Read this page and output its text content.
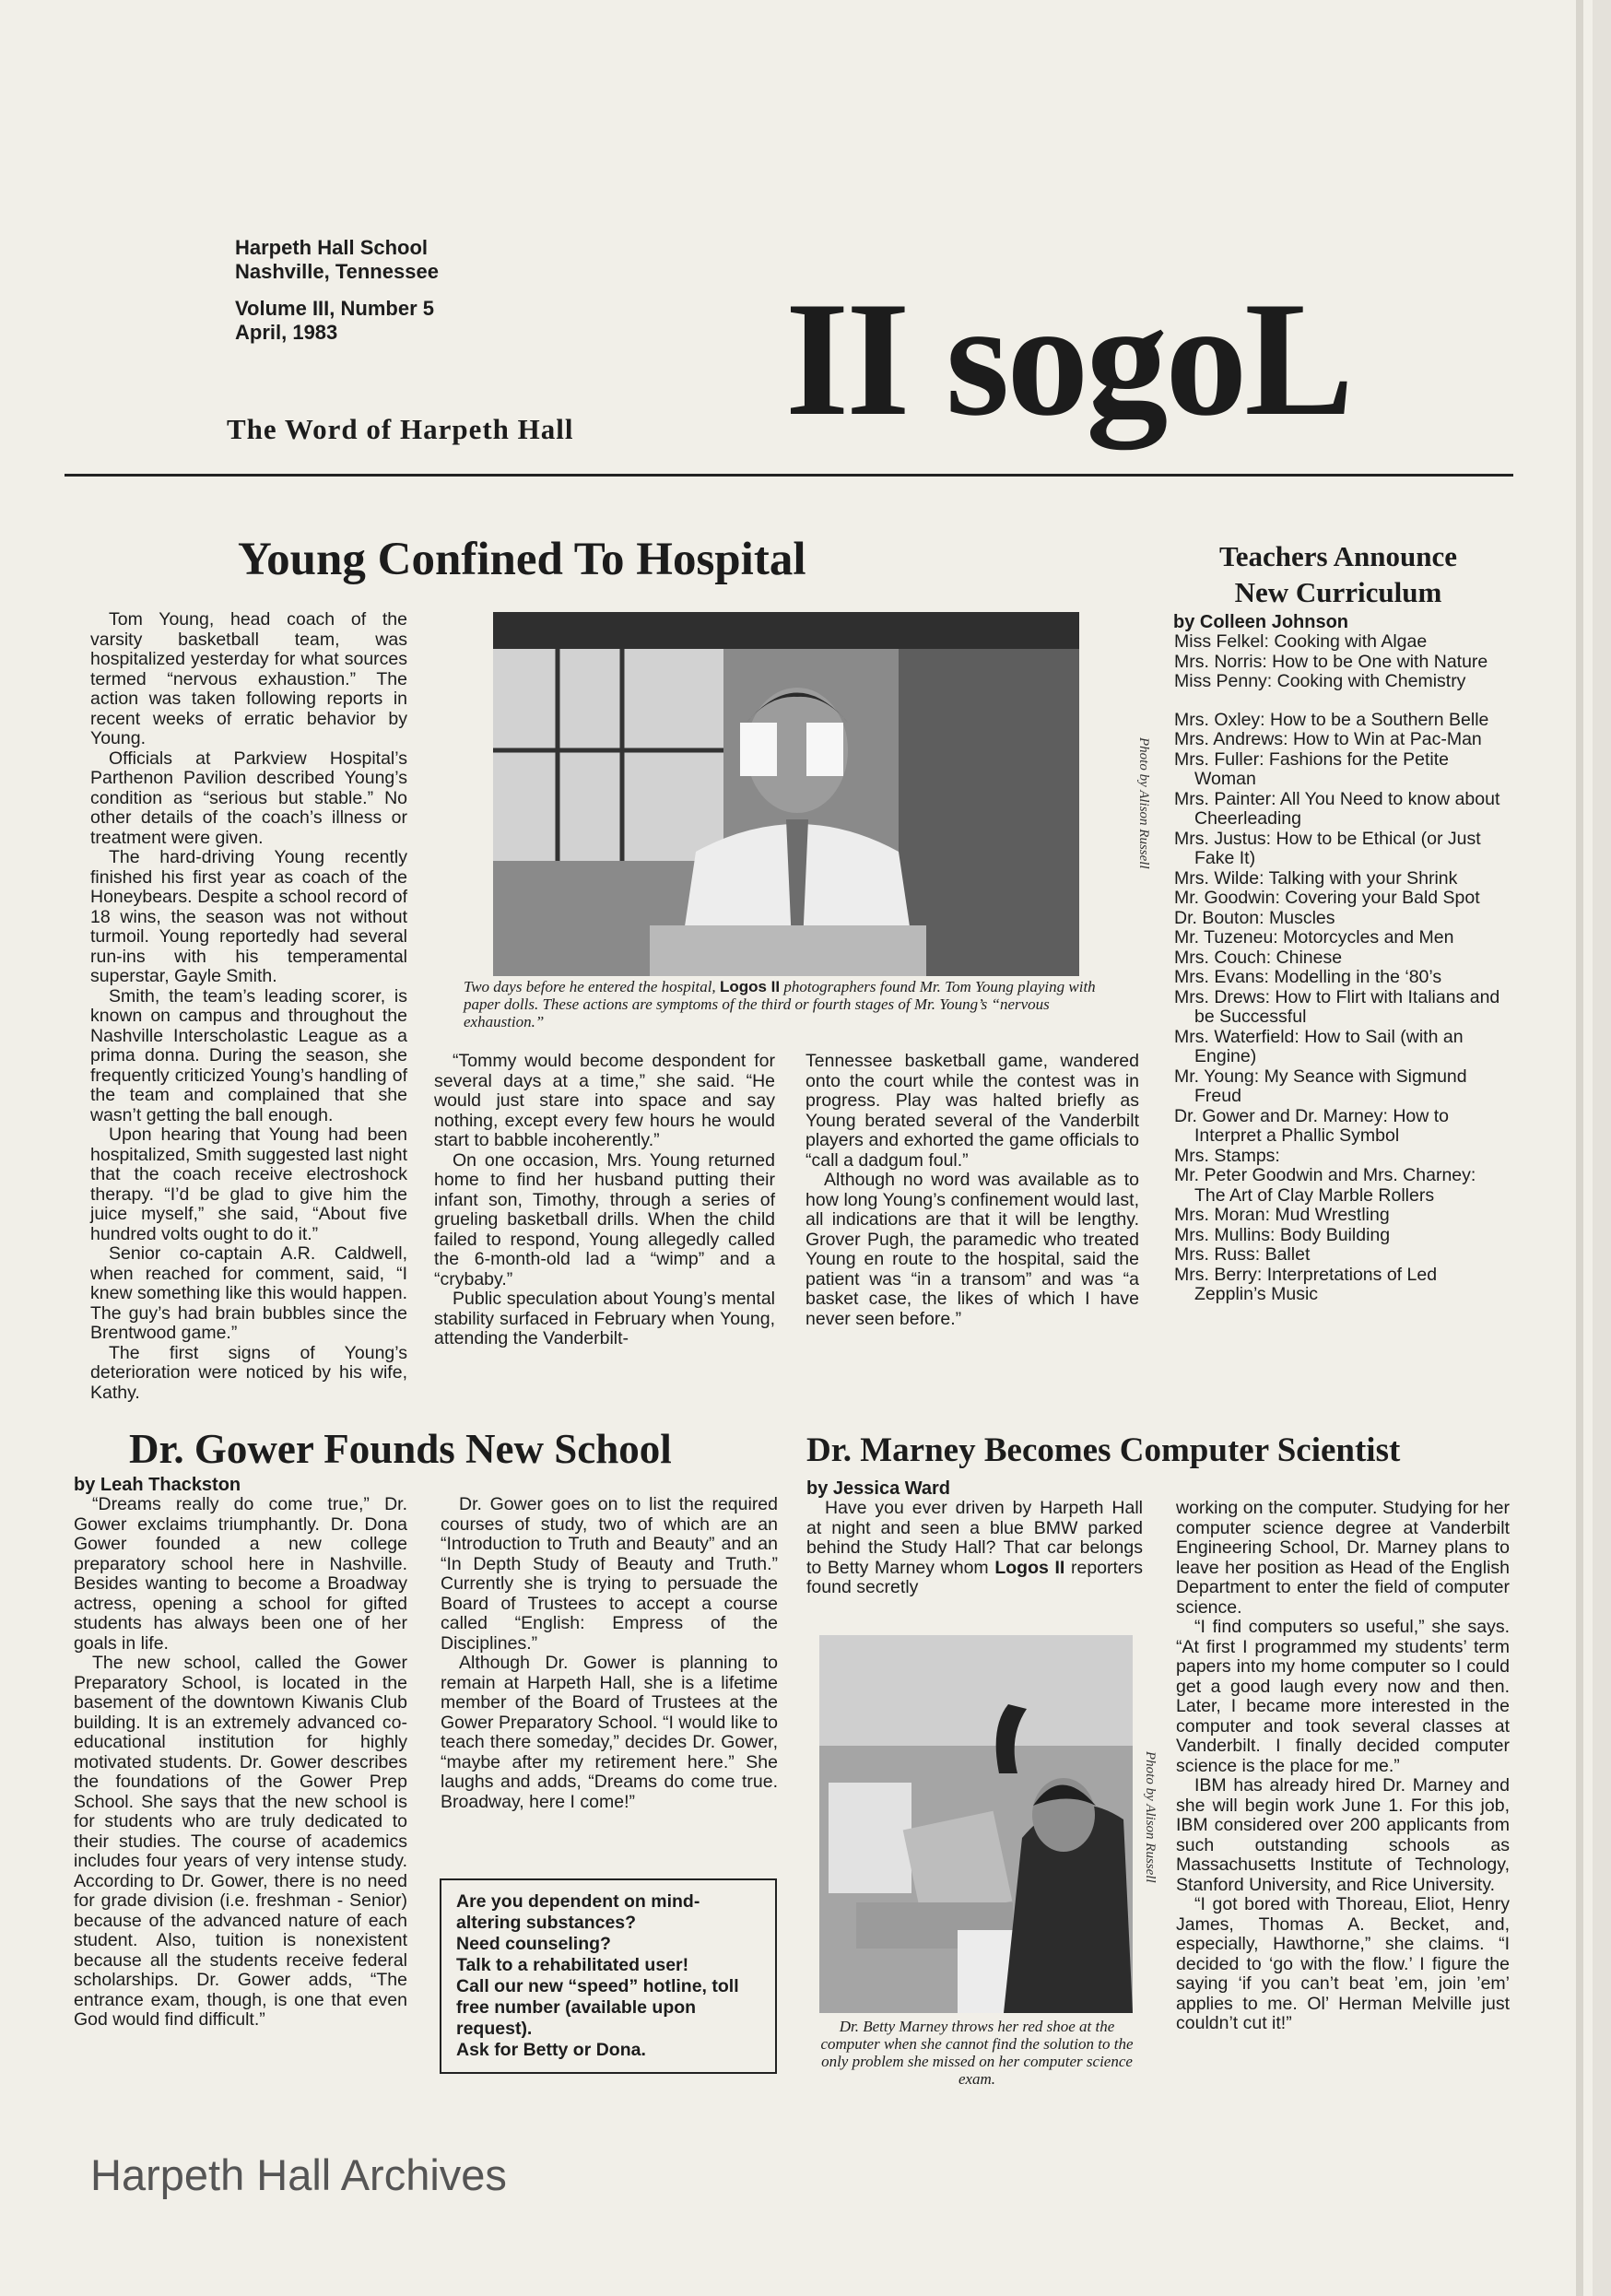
Harpeth Hall School
Nashville, Tennessee
Volume III, Number 5
April, 1983
The Word of Harpeth Hall II sogoL
Young Confined To Hospital

Tom Young, head coach of the varsity basketball team, was hospitalized yesterday for what sources termed “nervous exhaustion.” The action was taken following reports in recent weeks of erratic behavior by Young.

Officials at Parkview Hospital’s Parthenon Pavilion described Young’s condition as “serious but stable.” No other details of the coach’s illness or treatment were given.

The hard-driving Young recently finished his first year as coach of the Honeybears. Despite a school record of 18 wins, the season was not without turmoil. Young reportedly had several run-ins with his temperamental superstar, Gayle Smith.

Smith, the team’s leading scorer, is known on campus and throughout the Nashville Interscholastic League as a prima donna. During the season, she frequently criticized Young’s handling of the team and complained that she wasn’t getting the ball enough.

Upon hearing that Young had been hospitalized, Smith suggested last night that the coach receive electroshock therapy. “I’d be glad to give him the juice myself,” she said, “About five hundred volts ought to do it.”

Senior co-captain A.R. Caldwell, when reached for comment, said, “I knew something like this would happen. The guy’s had brain bubbles since the Brentwood game.”

The first signs of Young’s deterioration were noticed by his wife, Kathy.

Photo by Alison Russell
Two days before he entered the hospital, Logos II photographers found Mr. Tom Young playing with paper dolls. These actions are symptoms of the third or fourth stages of Mr. Young’s “nervous exhaustion.”

“Tommy would become despondent for several days at a time,” she said. “He would just stare into space and say nothing, except every few hours he would start to babble incoherently.”

On one occasion, Mrs. Young returned home to find her husband putting their infant son, Timothy, through a series of grueling basketball drills. When the child failed to respond, Young allegedly called the 6-month-old lad a “wimp” and a “crybaby.”

Public speculation about Young’s mental stability surfaced in February when Young, attending the Vanderbilt-

Tennessee basketball game, wandered onto the court while the contest was in progress. Play was halted briefly as Young berated several of the Vanderbilt players and exhorted the game officials to “call a dadgum foul.”

Although no word was available as to how long Young’s confinement would last, all indications are that it will be lengthy. Grover Pugh, the paramedic who treated Young en route to the hospital, said the patient was “in a transom” and was “a basket case, the likes of which I have never seen before.”

Teachers Announce
New Curriculum
by Colleen Johnson
Miss Felkel: Cooking with Algae
Mrs. Norris: How to be One with Nature
Miss Penny: Cooking with Chemistry
Mrs. Oxley: How to be a Southern Belle
Mrs. Andrews: How to Win at Pac-Man
Mrs. Fuller: Fashions for the Petite Woman
Mrs. Painter: All You Need to know about Cheerleading
Mrs. Justus: How to be Ethical (or Just Fake It)
Mrs. Wilde: Talking with your Shrink
Mr. Goodwin: Covering your Bald Spot
Dr. Bouton: Muscles
Mr. Tuzeneu: Motorcycles and Men
Mrs. Couch: Chinese
Mrs. Evans: Modelling in the ‘80’s
Mrs. Drews: How to Flirt with Italians and be Successful
Mrs. Waterfield: How to Sail (with an Engine)
Mr. Young: My Seance with Sigmund Freud
Dr. Gower and Dr. Marney: How to Interpret a Phallic Symbol
Mrs. Stamps:
Mr. Peter Goodwin and Mrs. Charney: The Art of Clay Marble Rollers
Mrs. Moran: Mud Wrestling
Mrs. Mullins: Body Building
Mrs. Russ: Ballet
Mrs. Berry: Interpretations of Led Zepplin’s Music
Dr. Gower Founds New School
by Leah Thackston

“Dreams really do come true,” Dr. Gower exclaims triumphantly. Dr. Dona Gower founded a new college preparatory school here in Nashville. Besides wanting to become a Broadway actress, opening a school for gifted students has always been one of her goals in life.

The new school, called the Gower Preparatory School, is located in the basement of the downtown Kiwanis Club building. It is an extremely advanced co-educational institution for highly motivated students. Dr. Gower describes the foundations of the Gower Prep School. She says that the new school is for students who are truly dedicated to their studies. The course of academics includes four years of very intense study. According to Dr. Gower, there is no need for grade division (i.e. freshman - Senior) because of the advanced nature of each student. Also, tuition is nonexistent because all the students receive federal scholarships. Dr. Gower adds, “The entrance exam, though, is one that even God would find difficult.”

Dr. Gower goes on to list the required courses of study, two of which are an “Introduction to Truth and Beauty” and an “In Depth Study of Beauty and Truth.” Currently she is trying to persuade the Board of Trustees to accept a course called “English: Empress of the Disciplines.”

Although Dr. Gower is planning to remain at Harpeth Hall, she is a lifetime member of the Board of Trustees at the Gower Preparatory School. “I would like to teach there someday,” decides Dr. Gower, “maybe after my retirement here.” She laughs and adds, “Dreams do come true. Broadway, here I come!”

Are you dependent on mind-altering substances?
Need counseling?
Talk to a rehabilitated user!
Call our new “speed” hotline, toll free number (available upon request).
Ask for Betty or Dona.
Dr. Marney Becomes Computer Scientist
by Jessica Ward
Have you ever driven by Harpeth Hall at night and seen a blue BMW parked behind the Study Hall? That car belongs to Betty Marney whom Logos II reporters found secretly
Photo by Alison Russell
Dr. Betty Marney throws her red shoe at the computer when she cannot find the solution to the only problem she missed on her computer science exam.

working on the computer. Studying for her computer science degree at Vanderbilt Engineering School, Dr. Marney plans to leave her position as Head of the English Department to enter the field of computer science.

“I find computers so useful,” she says. “At first I programmed my students’ term papers into my home computer so I could get a good laugh every now and then. Later, I became more interested in the computer and took several classes at Vanderbilt. I finally decided computer science is the place for me.”

IBM has already hired Dr. Marney and she will begin work June 1. For this job, IBM considered over 200 applicants from such outstanding schools as Massachusetts Institute of Technology, Stanford University, and Rice University.

“I got bored with Thoreau, Eliot, Henry James, Thomas A. Becket, and, especially, Hawthorne,” she claims. “I decided to ‘go with the flow.’ I figure the saying ‘if you can’t beat ’em, join ’em’ applies to me. Ol’ Herman Melville just couldn’t cut it!”

Harpeth Hall Archives
